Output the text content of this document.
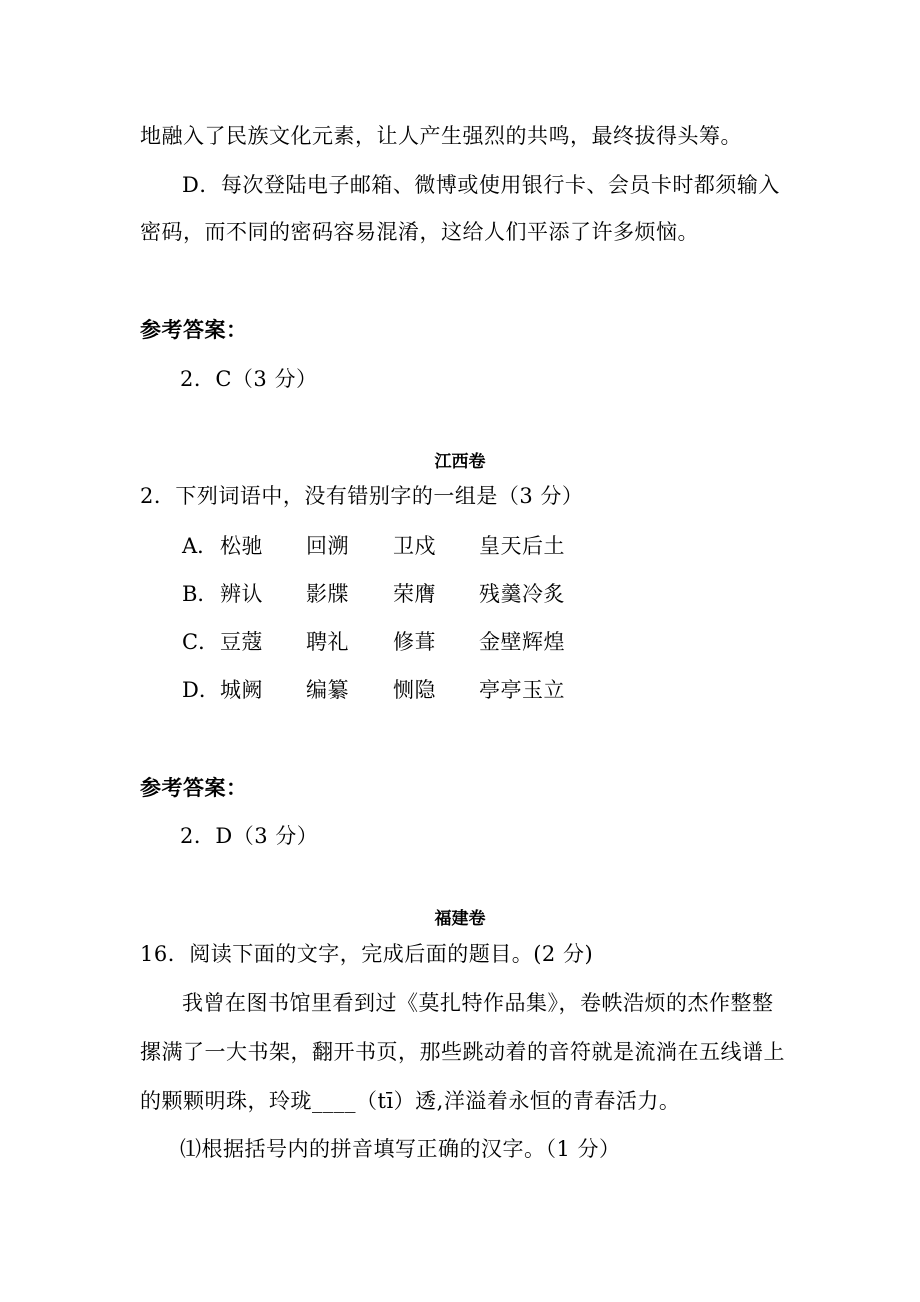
地融入了民族文化元素，让人产生强烈的共鸣，最终拔得头筹。
D．每次登陆电子邮箱、微博或使用银行卡、会员卡时都须输入
密码，而不同的密码容易混淆，这给人们平添了许多烦恼。
参考答案：
2．C（3 分）
江西卷
2．下列词语中，没有错别字的一组是（3 分）
A． 松驰 回溯 卫戍 皇天后土
B． 辨认 影牒 荣膺 残羹冷炙
C． 豆蔻 聘礼 修葺 金壁辉煌
D． 城阙 编纂 恻隐 亭亭玉立
参考答案：
2．D（3 分）
福建卷
16．阅读下面的文字，完成后面的题目。(2 分)
我曾在图书馆里看到过《莫扎特作品集》，卷帙浩烦的杰作整整
摞满了一大书架，翻开书页，那些跳动着的音符就是流淌在五线谱上
的颗颗明珠，玲珑____（tī）透,洋溢着永恒的青春活力。
⑴根据括号内的拼音填写正确的汉字。（1 分）
